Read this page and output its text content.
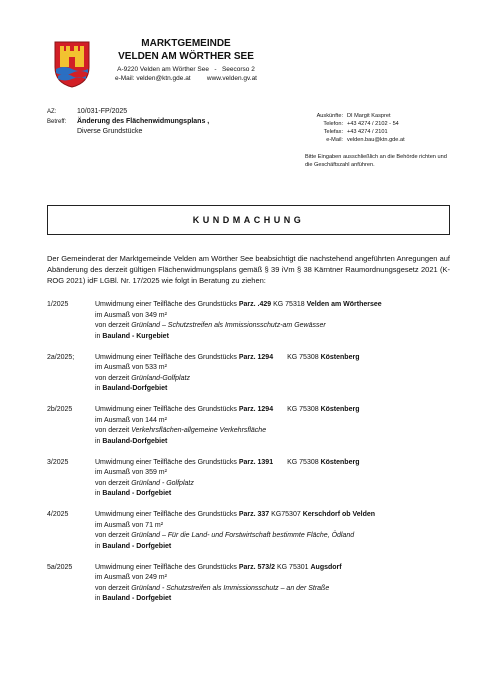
MARKTGEMEINDE
VELDEN AM WÖRTHER SEE
A-9220 Velden am Wörther See - Seecorso 2
e-Mail: velden@ktn.gde.at	www.velden.gv.at
AZ:	10/031-FP/2025
Betreff: Änderung des Flächenwidmungsplans ,
Diverse Grundstücke
Auskünfte: DI Margit Kaspret
Telefon: +43 4274 / 2102 - 54
Telefax: +43 4274 / 2101
e-Mail: velden.bau@ktn.gde.at
Bitte Eingaben ausschließlich an die Behörde richten und die Geschäftszahl anführen.
KUNDMACHUNG
Der Gemeinderat der Marktgemeinde Velden am Wörther See beabsichtigt die nachstehend angeführten Anregungen auf Abänderung des derzeit gültigen Flächenwidmungsplans gemäß § 39 iVm § 38 Kärntner Raumordnungsgesetz 2021 (K-ROG 2021) idF LGBl. Nr. 17/2025 wie folgt in Beratung zu ziehen:
1/2025	Umwidmung einer Teilfläche des Grundstücks Parz. .429 KG 75318 Velden am Wörthersee
im Ausmaß von 349 m²
von derzeit Grünland – Schutzstreifen als Immissionsschutz-am Gewässer
in Bauland - Kurgebiet
2a/2025;	Umwidmung einer Teilfläche des Grundstücks Parz. 1294 KG 75308 Köstenberg
im Ausmaß von 533 m²
von derzeit Grünland-Golfplatz
in Bauland-Dorfgebiet
2b/2025	Umwidmung einer Teilfläche des Grundstücks Parz. 1294 KG 75308 Köstenberg
im Ausmaß von 144 m²
von derzeit Verkehrsflächen-allgemeine Verkehrsfläche
in Bauland-Dorfgebiet
3/2025	Umwidmung einer Teilfläche des Grundstücks Parz. 1391 KG 75308 Köstenberg
im Ausmaß von 359 m²
von derzeit Grünland - Golfplatz
in Bauland - Dorfgebiet
4/2025	Umwidmung einer Teilfläche des Grundstücks Parz. 337 KG75307 Kerschdorf ob Velden
im Ausmaß von 71 m²
von derzeit Grünland – Für die Land- und Forstwirtschaft bestimmte Fläche, Ödland
in Bauland - Dorfgebiet
5a/2025	Umwidmung einer Teilfläche des Grundstücks Parz. 573/2 KG 75301 Augsdorf
im Ausmaß von 249 m²
von derzeit Grünland - Schutzstreifen als Immissionsschutz – an der Straße
in Bauland - Dorfgebiet
